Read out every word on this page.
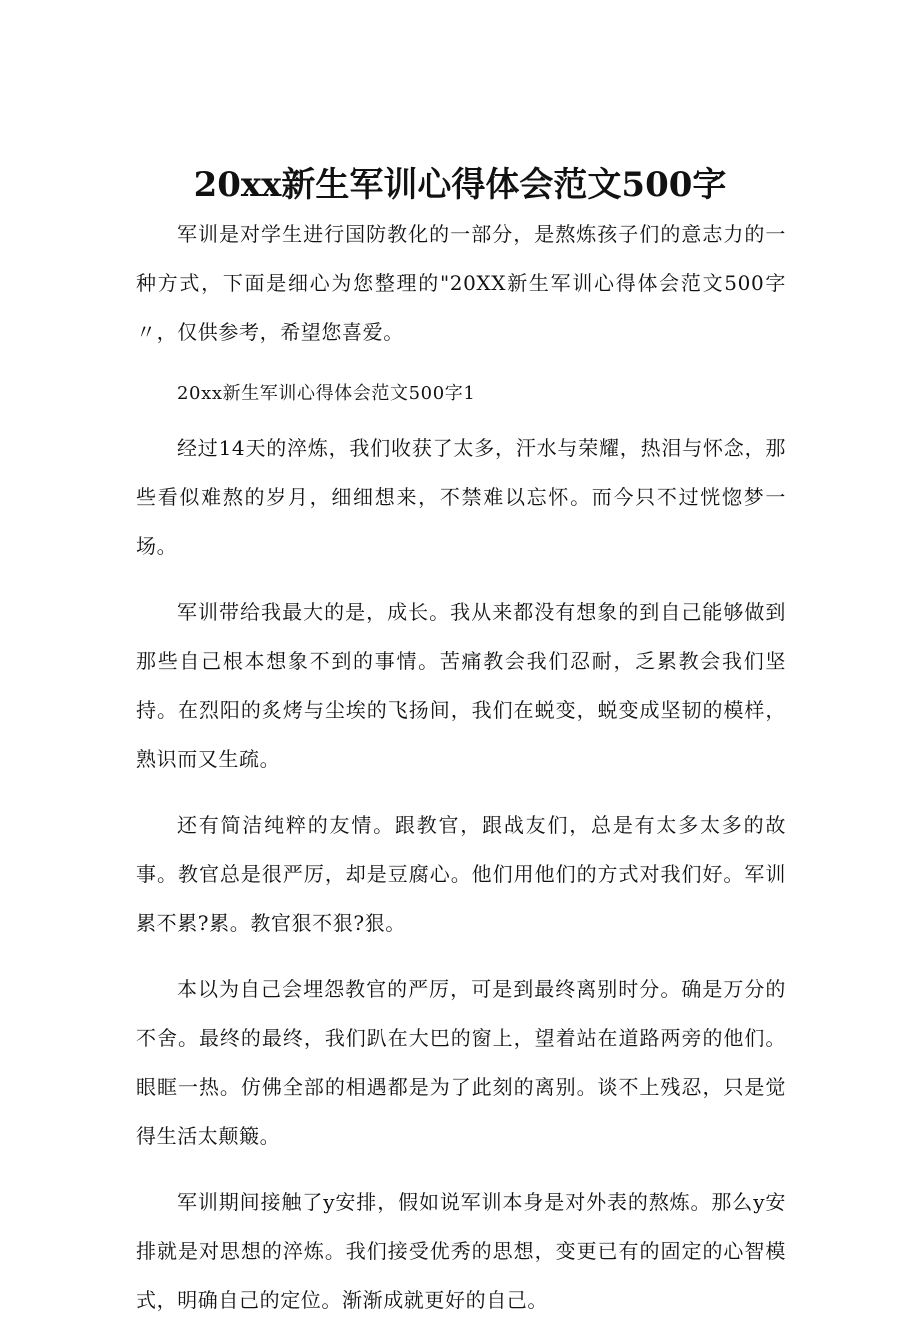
20xx新生军训心得体会范文500字

军训是对学生进行国防教化的一部分，是熬炼孩子们的意志力的一种方式，下面是细心为您整理的"20XX新生军训心得体会范文500字〃，仅供参考，希望您喜爱。

20xx新生军训心得体会范文500字1

经过14天的淬炼，我们收获了太多，汗水与荣耀，热泪与怀念，那些看似难熬的岁月，细细想来，不禁难以忘怀。而今只不过恍惚梦一场。

军训带给我最大的是，成长。我从来都没有想象的到自己能够做到那些自己根本想象不到的事情。苦痛教会我们忍耐，乏累教会我们坚持。在烈阳的炙烤与尘埃的飞扬间，我们在蜕变，蜕变成坚韧的模样，熟识而又生疏。

还有简洁纯粹的友情。跟教官，跟战友们，总是有太多太多的故事。教官总是很严厉，却是豆腐心。他们用他们的方式对我们好。军训累不累?累。教官狠不狠?狠。

本以为自己会埋怨教官的严厉，可是到最终离别时分。确是万分的不舍。最终的最终，我们趴在大巴的窗上，望着站在道路两旁的他们。眼眶一热。仿佛全部的相遇都是为了此刻的离别。谈不上残忍，只是觉得生活太颠簸。

军训期间接触了y安排，假如说军训本身是对外表的熬炼。那么y安排就是对思想的淬炼。我们接受优秀的思想，变更已有的固定的心智模式，明确自己的定位。渐渐成就更好的自己。
